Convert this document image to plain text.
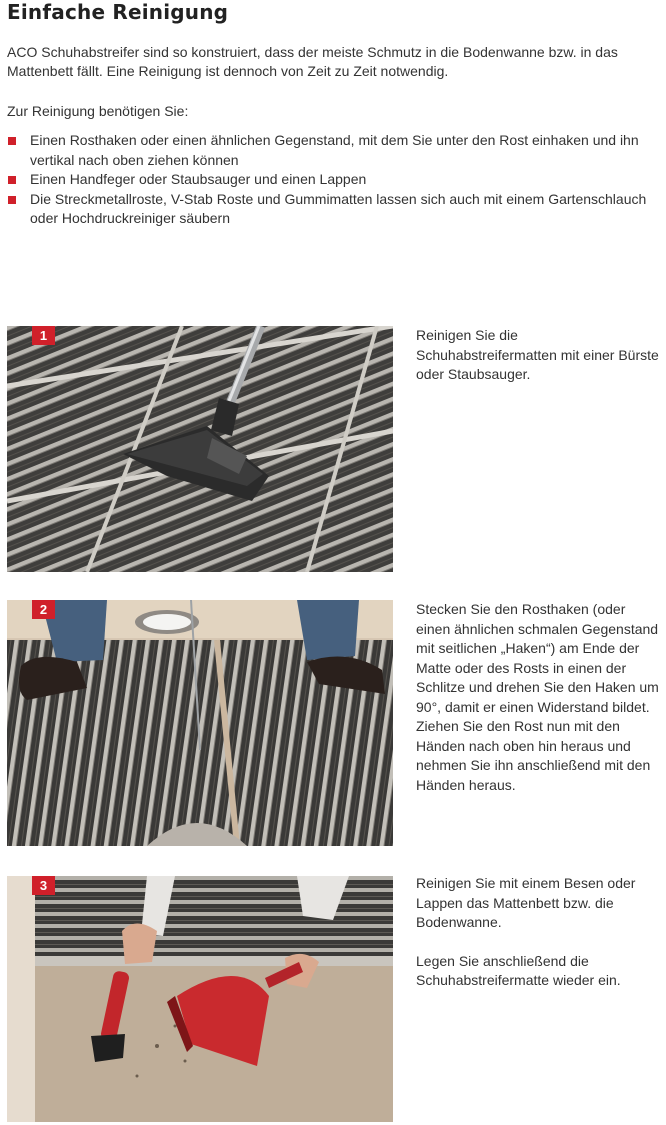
Einfache Reinigung

ACO Schuhabstreifer sind so konstruiert, dass der meiste Schmutz in die Bodenwanne bzw. in das Mattenbett fällt. Eine Reinigung ist dennoch von Zeit zu Zeit notwendig.

Zur Reinigung benötigen Sie:

Einen Rosthaken oder einen ähnlichen Gegenstand, mit dem Sie unter den Rost einhaken und ihn vertikal nach oben ziehen können
Einen Handfeger oder Staubsauger und einen Lappen
Die Streckmetallroste, V-Stab Roste und Gummimatten lassen sich auch mit einem Gartenschlauch oder Hochdruckreiniger säubern
1	Reinigen Sie die Schuhabstreifermatten mit einer Bürste oder Staubsauger.

2	Stecken Sie den Rosthaken (oder einen ähnlichen schmalen Gegenstand mit seitlichen „Haken“) am Ende der Matte oder des Rosts in einen der Schlitze und drehen Sie den Haken um 90°, damit er einen Widerstand bildet. Ziehen Sie den Rost nun mit den Händen nach oben hin heraus und nehmen Sie ihn anschließend mit den Händen heraus.

3	Reinigen Sie mit einem Besen oder Lappen das Mattenbett bzw. die Bodenwanne.

Legen Sie anschließend die Schuhabstreifermatte wieder ein.
